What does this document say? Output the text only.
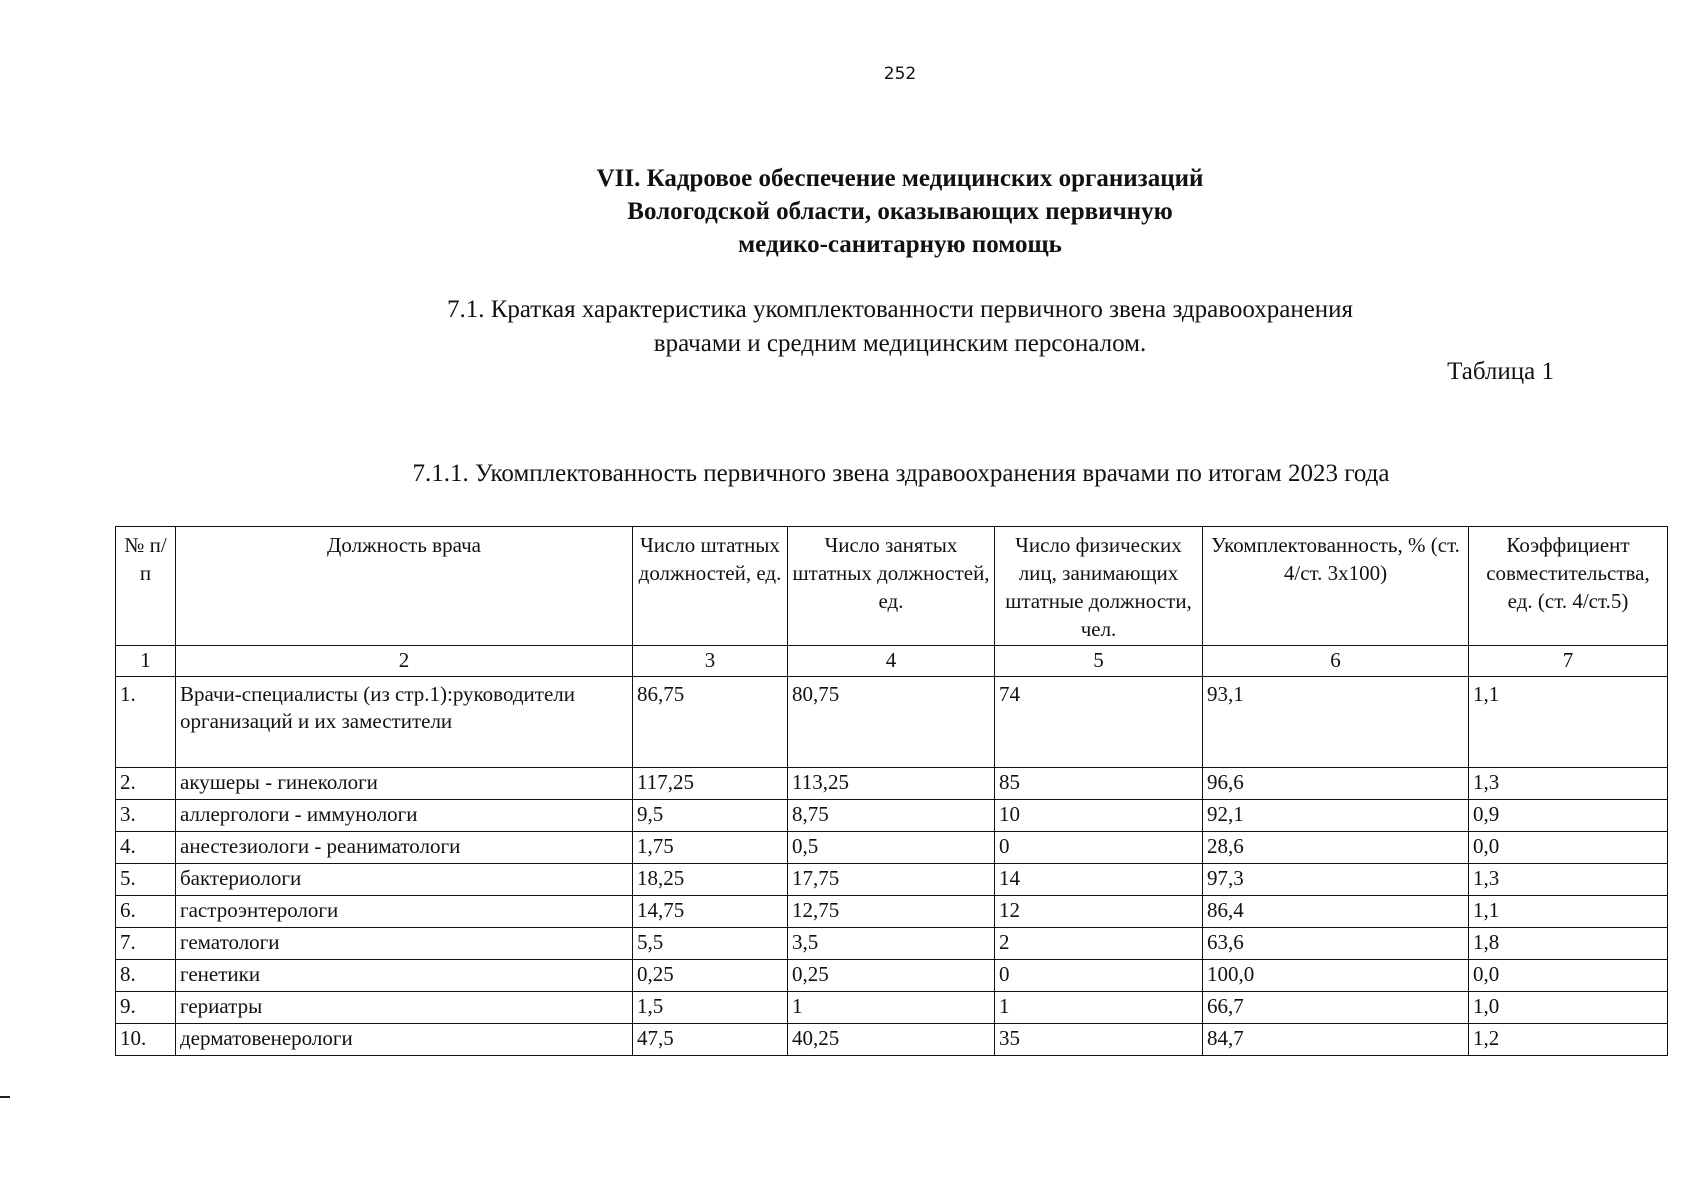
252
VII. Кадровое обеспечение медицинских организаций
Вологодской области, оказывающих первичную
медико-санитарную помощь
7.1. Краткая характеристика укомплектованности первичного звена здравоохранения
врачами и средним медицинским персоналом.
Таблица 1
7.1.1. Укомплектованность первичного звена здравоохранения врачами по итогам 2023 года
№ п/п	Должность врача	Число штатных должностей, ед.	Число занятых штатных должностей, ед.	Число физических лиц, занимающих штатные должности, чел.	Укомплектованность, % (ст. 4/ст. 3х100)	Коэффициент совместительства, ед. (ст. 4/ст.5)
1	2	3	4	5	6	7
1.	Врачи-специалисты (из стр.1):руководители организаций и их заместители	86,75	80,75	74	93,1	1,1
2.	акушеры - гинекологи	117,25	113,25	85	96,6	1,3
3.	аллергологи - иммунологи	9,5	8,75	10	92,1	0,9
4.	анестезиологи - реаниматологи	1,75	0,5	0	28,6	0,0
5.	бактериологи	18,25	17,75	14	97,3	1,3
6.	гастроэнтерологи	14,75	12,75	12	86,4	1,1
7.	гематологи	5,5	3,5	2	63,6	1,8
8.	генетики	0,25	0,25	0	100,0	0,0
9.	гериатры	1,5	1	1	66,7	1,0
10.	дерматовенерологи	47,5	40,25	35	84,7	1,2
